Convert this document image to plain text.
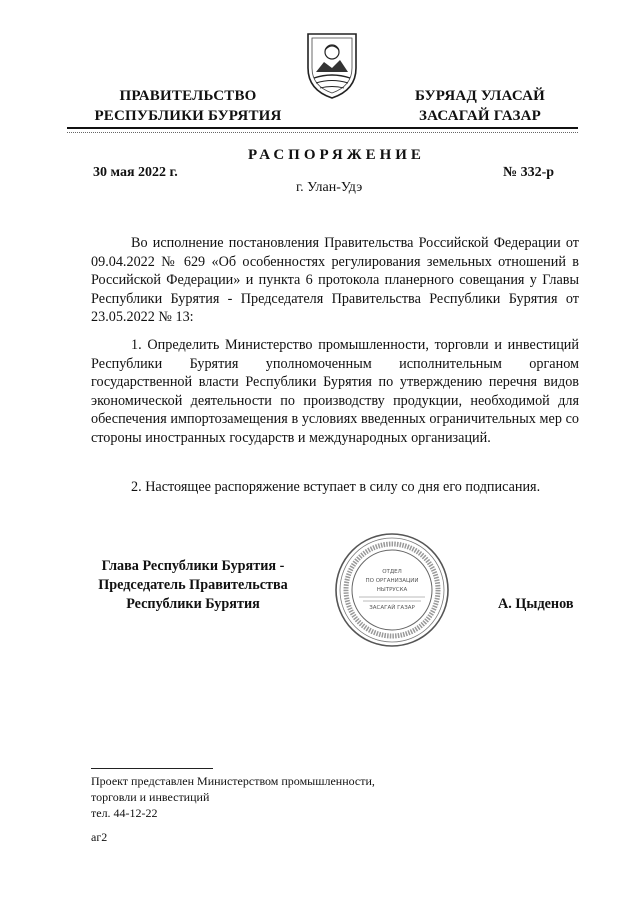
ПРАВИТЕЛЬСТВО
РЕСПУБЛИКИ БУРЯТИЯ
БУРЯАД УЛАСАЙ
ЗАСАГАЙ ГАЗАР
РАСПОРЯЖЕНИЕ
30 мая 2022 г.	№ 332-р
г. Улан-Удэ
Во исполнение постановления Правительства Российской Федерации от 09.04.2022 № 629 «Об особенностях регулирования земельных отношений в Российской Федерации» и пункта 6 протокола планерного совещания у Главы Республики Бурятия - Председателя Правительства Республики Бурятия от 23.05.2022 № 13:
1. Определить Министерство промышленности, торговли и инвестиций Республики Бурятия уполномоченным исполнительным органом государственной власти Республики Бурятия по утверждению перечня видов экономической деятельности по производству продукции, необходимой для обеспечения импортозамещения в условиях введенных ограничительных мер со стороны иностранных государств и международных организаций.
2. Настоящее распоряжение вступает в силу со дня его подписания.
Глава Республики Бурятия -
Председатель Правительства
Республики Бурятия
ОТДЕЛ
ПО ОРГАНИЗАЦИИ
НЫТРУСКА
ЗАСАГАЙ ГАЗАР	А. Цыденов
Проект представлен Министерством промышленности,
торговли и инвестиций
тел. 44-12-22
аг2
